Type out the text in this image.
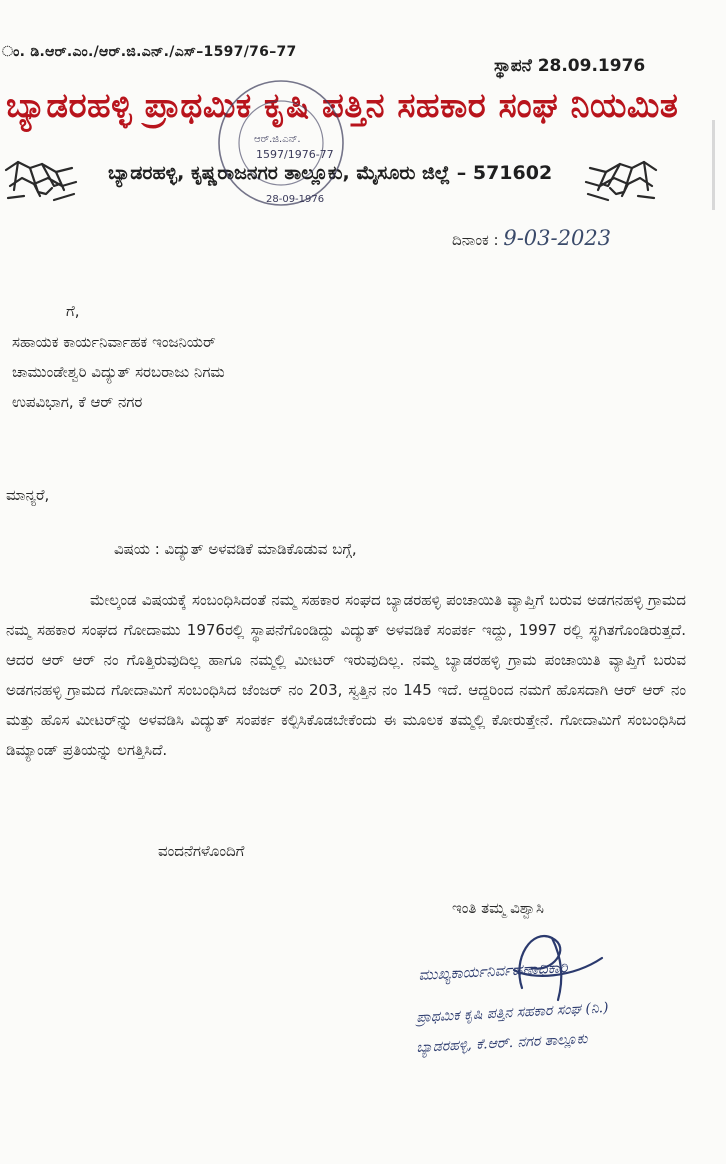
ಂ. ಡಿ.ಆರ್.ಎಂ./ಆರ್.ಜಿ.ಎನ್./ಎಸ್–1597/76–77
ಸ್ಥಾಪನೆ 28.09.1976
ಬ್ಯಾಡರಹಳ್ಳಿ ಪ್ರಾಥಮಿಕ ಕೃಷಿ ಪತ್ತಿನ ಸಹಕಾರ ಸಂಘ ನಿಯಮಿತ
ಬ್ಯಾಡರಹಳ್ಳಿ, ಕೃಷ್ಣರಾಜನಗರ ತಾಲ್ಲೂಕು, ಮೈಸೂರು ಜಿಲ್ಲೆ – 571602
ಆರ್.ಜಿ.ಎನ್.
1597/1976-77
28-09-1976
ದಿನಾಂಕ : 9-03-2023
ಗೆ,
ಸಹಾಯಕ ಕಾರ್ಯನಿರ್ವಾಹಕ ಇಂಜನಿಯರ್
ಚಾಮುಂಡೇಶ್ವರಿ ವಿದ್ಯುತ್ ಸರಬರಾಜು ನಿಗಮ
ಉಪವಿಭಾಗ, ಕೆ ಆರ್ ನಗರ
ಮಾನ್ಯರೆ,
ವಿಷಯ : ವಿದ್ಯುತ್ ಅಳವಡಿಕೆ ಮಾಡಿಕೊಡುವ ಬಗ್ಗೆ,
ಮೇಲ್ಕಂಡ ವಿಷಯಕ್ಕೆ ಸಂಬಂಧಿಸಿದಂತೆ ನಮ್ಮ ಸಹಕಾರ ಸಂಘದ ಬ್ಯಾಡರಹಳ್ಳಿ ಪಂಚಾಯಿತಿ ವ್ಯಾಪ್ತಿಗೆ ಬರುವ ಅಡಗನಹಳ್ಳಿ ಗ್ರಾಮದ ನಮ್ಮ ಸಹಕಾರ ಸಂಘದ ಗೋದಾಮು 1976ರಲ್ಲಿ ಸ್ಥಾಪನೆಗೊಂಡಿದ್ದು ವಿದ್ಯುತ್ ಅಳವಡಿಕೆ ಸಂಪರ್ಕ ಇದ್ದು, 1997 ರಲ್ಲಿ ಸ್ಥಗಿತಗೊಂಡಿರುತ್ತದೆ. ಆದರ ಆರ್ ಆರ್ ನಂ ಗೊತ್ತಿರುವುದಿಲ್ಲ ಹಾಗೂ ನಮ್ಮಲ್ಲಿ ಮೀಟರ್ ಇರುವುದಿಲ್ಲ. ನಮ್ಮ ಬ್ಯಾಡರಹಳ್ಳಿ ಗ್ರಾಮ ಪಂಚಾಯಿತಿ ವ್ಯಾಪ್ತಿಗೆ ಬರುವ ಅಡಗನಹಳ್ಳಿ ಗ್ರಾಮದ ಗೋದಾಮಿಗೆ ಸಂಬಂಧಿಸಿದ ಜೆಂಜರ್ ನಂ 203, ಸ್ವತ್ತಿನ ನಂ 145 ಇದೆ. ಆದ್ದರಿಂದ ನಮಗೆ ಹೊಸದಾಗಿ ಆರ್ ಆರ್ ನಂ ಮತ್ತು ಹೊಸ ಮೀಟರ್‌ನ್ನು ಅಳವಡಿಸಿ ವಿದ್ಯುತ್ ಸಂಪರ್ಕ ಕಲ್ಪಿಸಿಕೊಡಬೇಕೆಂದು ಈ ಮೂಲಕ ತಮ್ಮಲ್ಲಿ ಕೋರುತ್ತೇನೆ. ಗೋದಾಮಿಗೆ ಸಂಬಂಧಿಸಿದ ಡಿಮ್ಯಾಂಡ್ ಪ್ರತಿಯನ್ನು ಲಗತ್ತಿಸಿದೆ.
ವಂದನೆಗಳೊಂದಿಗೆ
ಇಂತಿ ತಮ್ಮ ವಿಶ್ವಾಸಿ
ಮುಖ್ಯಕಾರ್ಯನಿರ್ವಹಣಾಧಿಕಾರಿ
ಪ್ರಾಥಮಿಕ ಕೃಷಿ ಪತ್ತಿನ ಸಹಕಾರ ಸಂಘ (ನಿ.)
ಬ್ಯಾಡರಹಳ್ಳಿ, ಕೆ.ಆರ್. ನಗರ ತಾಲ್ಲೂಕು
